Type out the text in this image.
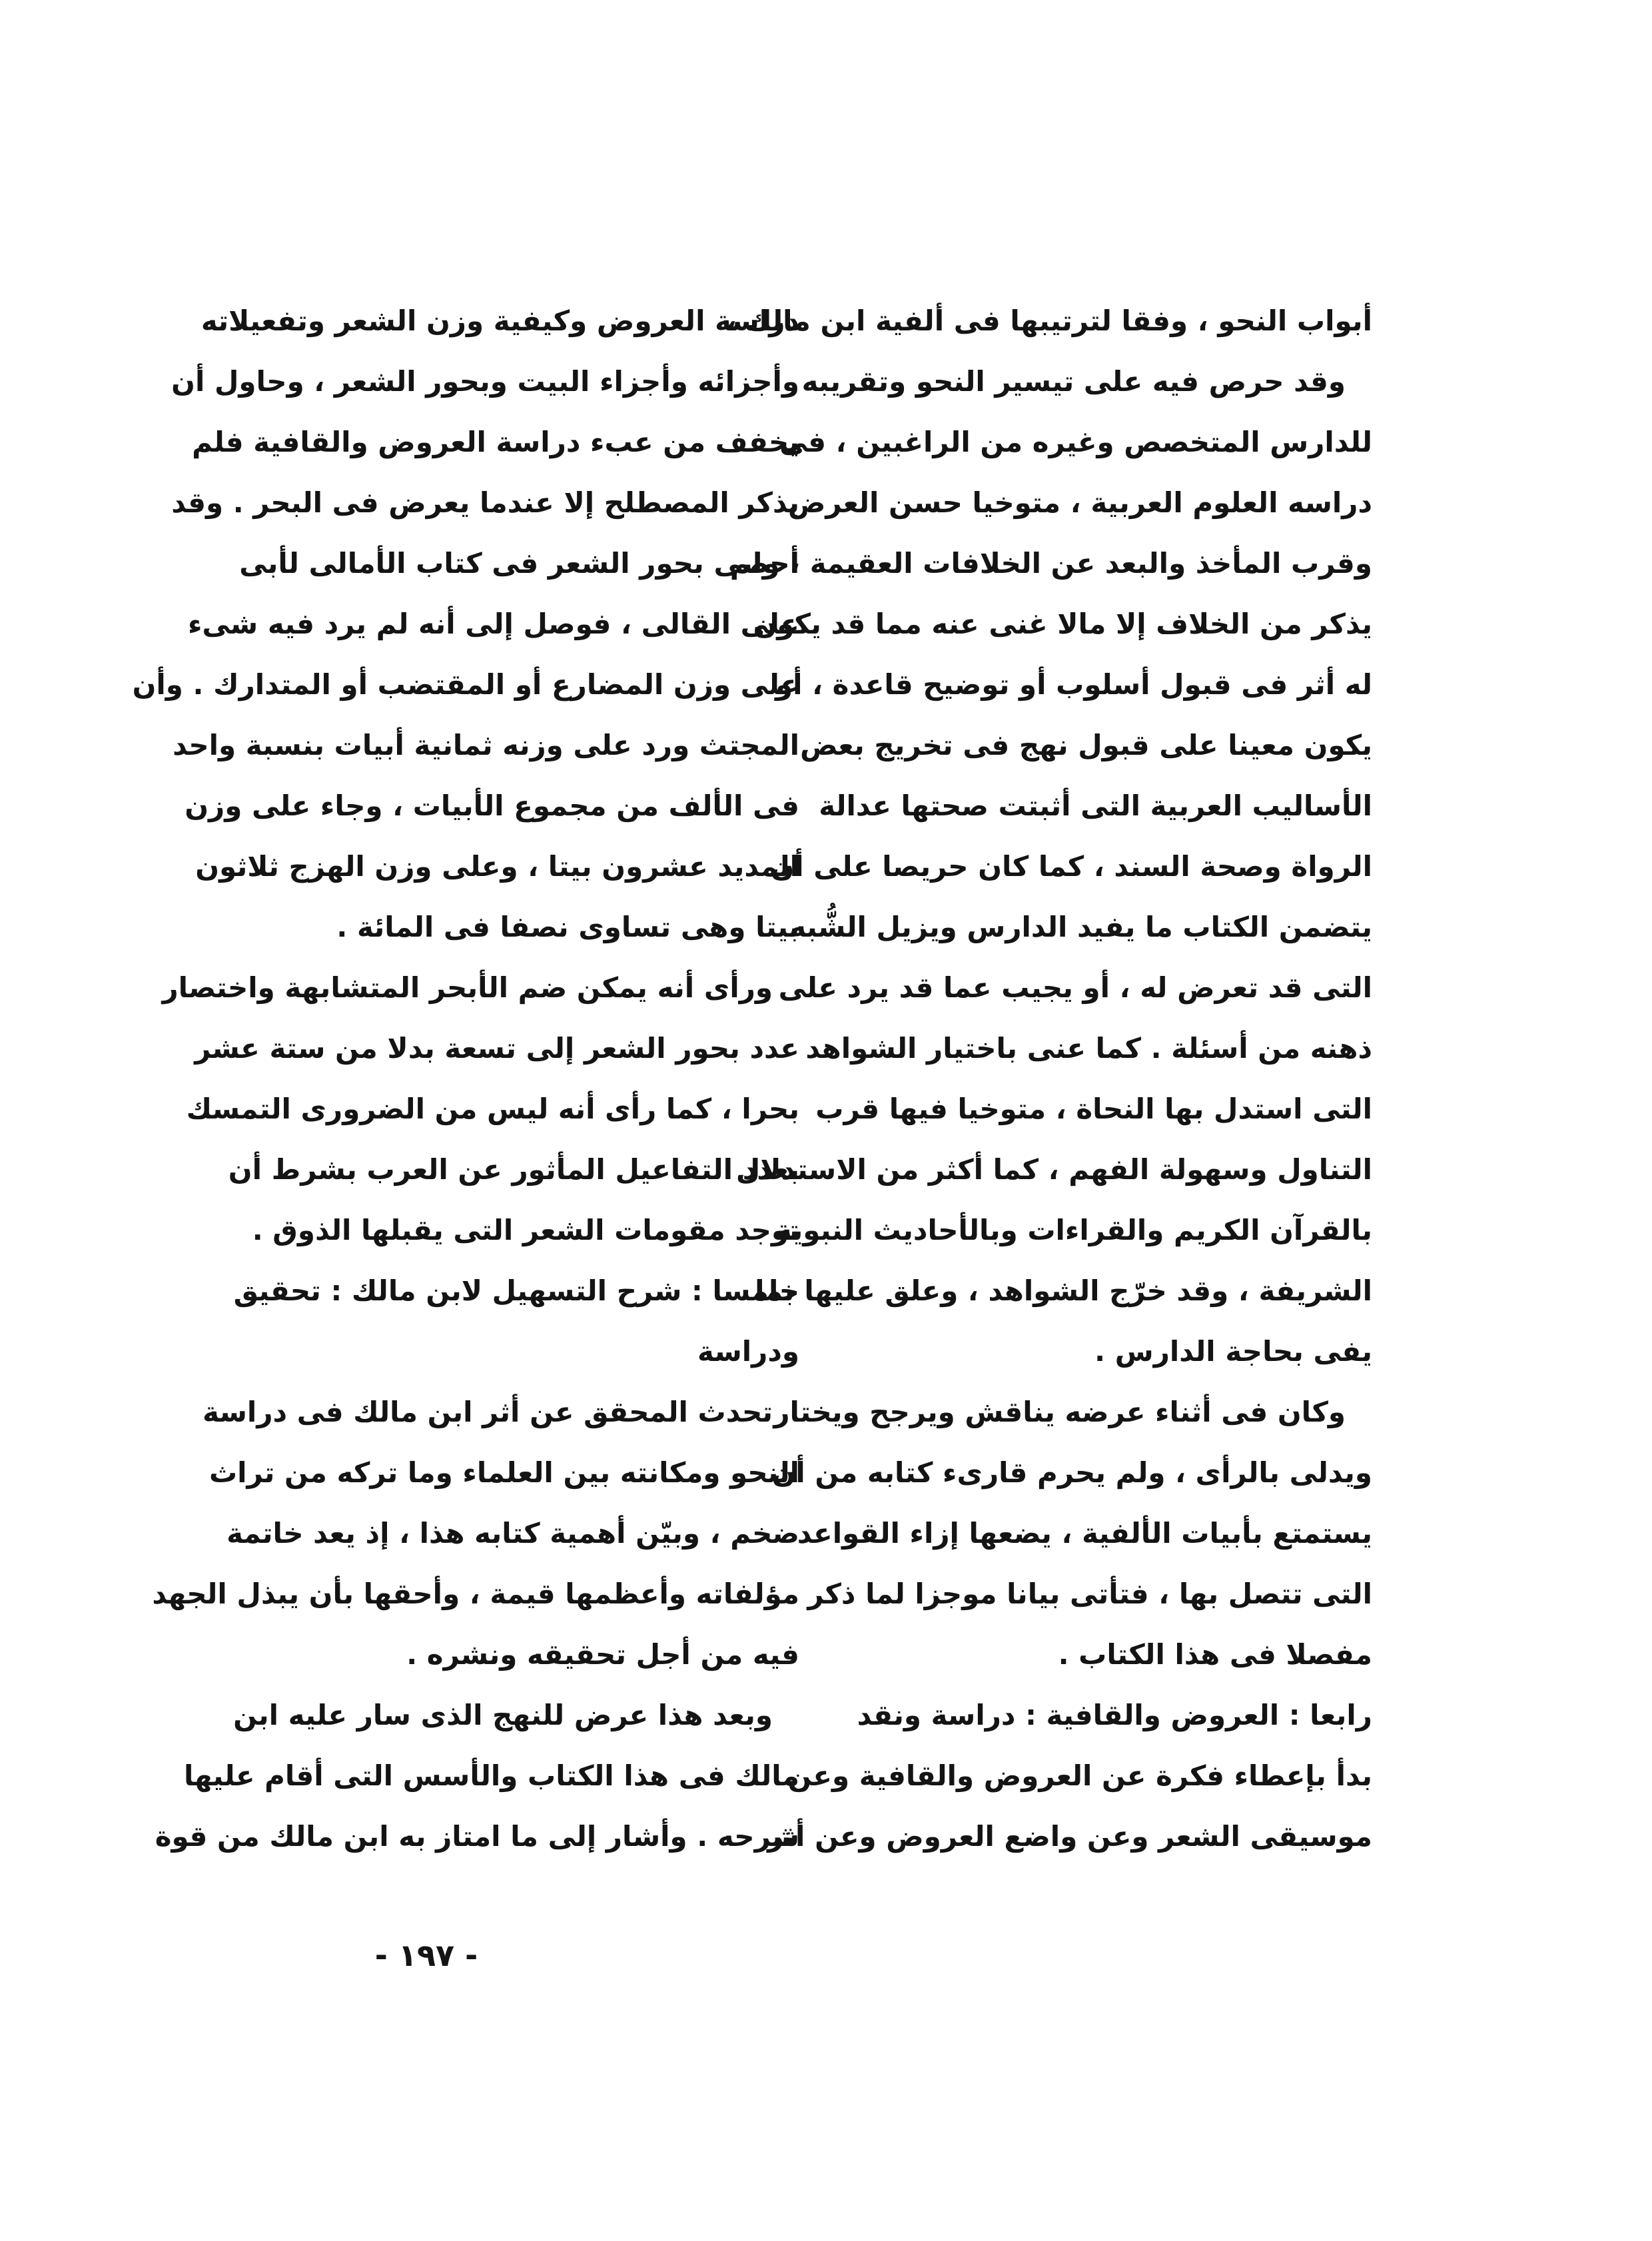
أبواب النحو ، وفقا لترتيبها فى ألفية ابن مالك ،
وقد حرص فيه على تيسير النحو وتقريبه
للدارس المتخصص وغيره من الراغبين ، فى
دراسه العلوم العربية ، متوخيا حسن العرض
وقرب المأخذ والبعد عن الخلافات العقيمة ، ولم
يذكر من الخلاف إلا مالا غنى عنه مما قد يكون
له أثر فى قبول أسلوب أو توضيح قاعدة ، أو
يكون معينا على قبول نهج فى تخريج بعض
الأساليب العربية التى أثبتت صحتها عدالة
الرواة وصحة السند ، كما كان حريصا على أن
يتضمن الكتاب ما يفيد الدارس ويزيل الشُّبه
التى قد تعرض له ، أو يجيب عما قد يرد على
ذهنه من أسئلة . كما عنى باختيار الشواهد
التى استدل بها النحاة ، متوخيا فيها قرب
التناول وسهولة الفهم ، كما أكثر من الاستدلال
بالقرآن الكريم والقراءات وبالأحاديث النبوية
الشريفة ، وقد خرّج الشواهد ، وعلق عليها بما
يفى بحاجة الدارس .
وكان فى أثناء عرضه يناقش ويرجح ويختار
ويدلى بالرأى ، ولم يحرم قارىء كتابه من أن
يستمتع بأبيات الألفية ، يضعها إزاء القواعد
التى تتصل بها ، فتأتى بيانا موجزا لما ذكر
مفصلا فى هذا الكتاب .
رابعا : العروض والقافية : دراسة ونقد
بدأ بإعطاء فكرة عن العروض والقافية وعن
موسيقى الشعر وعن واضع العروض وعن أثر
دراسة العروض وكيفية وزن الشعر وتفعيلاته
وأجزائه وأجزاء البيت وبحور الشعر ، وحاول أن
يخفف من عبء دراسة العروض والقافية فلم
يذكر المصطلح إلا عندما يعرض فى البحر . وقد
أحصى بحور الشعر فى كتاب الأمالى لأبى
على القالى ، فوصل إلى أنه لم يرد فيه شىء
على وزن المضارع أو المقتضب أو المتدارك . وأن
المجتث ورد على وزنه ثمانية أبيات بنسبة واحد
فى الألف من مجموع الأبيات ، وجاء على وزن
المديد عشرون بيتا ، وعلى وزن الهزج ثلاثون
بيتا وهى تساوى نصفا فى المائة .
ورأى أنه يمكن ضم الأبحر المتشابهة واختصار
عدد بحور الشعر إلى تسعة بدلا من ستة عشر
بحرا ، كما رأى أنه ليس من الضرورى التمسك
بعدد التفاعيل المأثور عن العرب بشرط أن
توجد مقومات الشعر التى يقبلها الذوق .
خامسا : شرح التسهيل لابن مالك : تحقيق
ودراسة
تحدث المحقق عن أثر ابن مالك فى دراسة
النحو ومكانته بين العلماء وما تركه من تراث
ضخم ، وبيّن أهمية كتابه هذا ، إذ يعد خاتمة
مؤلفاته وأعظمها قيمة ، وأحقها بأن يبذل الجهد
فيه من أجل تحقيقه ونشره .
وبعد هذا عرض للنهج الذى سار عليه ابن
مالك فى هذا الكتاب والأسس التى أقام عليها
شرحه . وأشار إلى ما امتاز به ابن مالك من قوة
- ١٩٧ -
